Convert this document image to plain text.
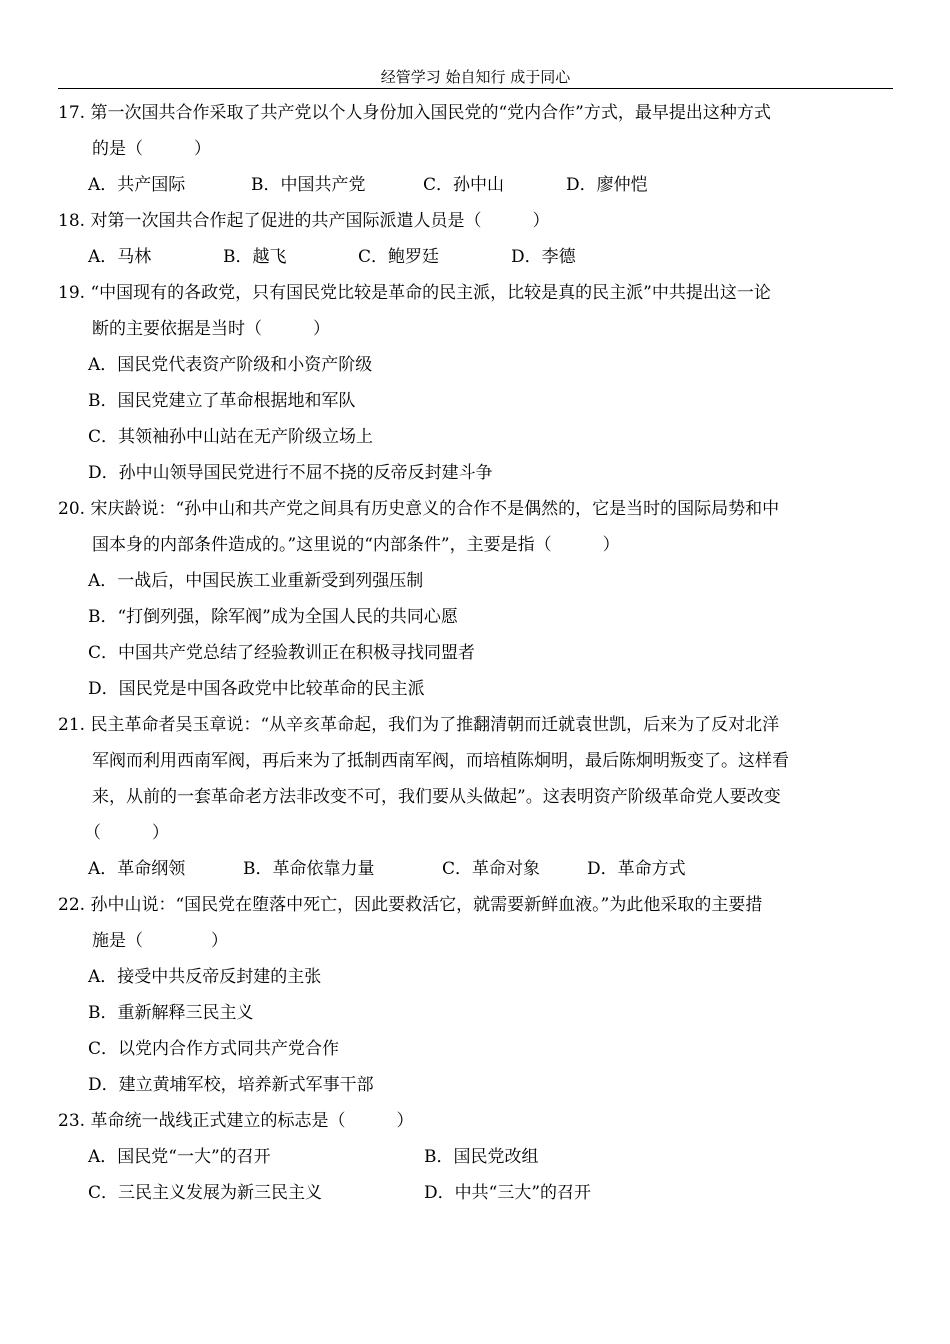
经管学习 始自知行 成于同心
17. 第一次国共合作采取了共产党以个人身份加入国民党的“党内合作”方式，最早提出这种方式
的是（　　　）
A．共产国际	B．中国共产党	C．孙中山	D．廖仲恺
18. 对第一次国共合作起了促进的共产国际派遣人员是（　　　）
A．马林	B．越飞	C．鲍罗廷	D．李德
19. “中国现有的各政党，只有国民党比较是革命的民主派，比较是真的民主派”中共提出这一论
断的主要依据是当时（　　　）
A．国民党代表资产阶级和小资产阶级
B．国民党建立了革命根据地和军队
C．其领袖孙中山站在无产阶级立场上
D．孙中山领导国民党进行不屈不挠的反帝反封建斗争
20. 宋庆龄说：“孙中山和共产党之间具有历史意义的合作不是偶然的，它是当时的国际局势和中
国本身的内部条件造成的。”这里说的“内部条件”，主要是指（　　　）
A．一战后，中国民族工业重新受到列强压制
B．“打倒列强，除军阀”成为全国人民的共同心愿
C．中国共产党总结了经验教训正在积极寻找同盟者
D．国民党是中国各政党中比较革命的民主派
21. 民主革命者吴玉章说：“从辛亥革命起，我们为了推翻清朝而迁就袁世凯，后来为了反对北洋
军阀而利用西南军阀，再后来为了抵制西南军阀，而培植陈炯明，最后陈炯明叛变了。这样看
来，从前的一套革命老方法非改变不可，我们要从头做起”。这表明资产阶级革命党人要改变
（　　　）
A．革命纲领	B．革命依靠力量	C．革命对象	D．革命方式
22. 孙中山说：“国民党在堕落中死亡，因此要救活它，就需要新鲜血液。”为此他采取的主要措
施是（　　　　）
A．接受中共反帝反封建的主张
B．重新解释三民主义
C．以党内合作方式同共产党合作
D．建立黄埔军校，培养新式军事干部
23. 革命统一战线正式建立的标志是（　　　）
A．国民党“一大”的召开	B．国民党改组
C．三民主义发展为新三民主义	D．中共“三大”的召开
